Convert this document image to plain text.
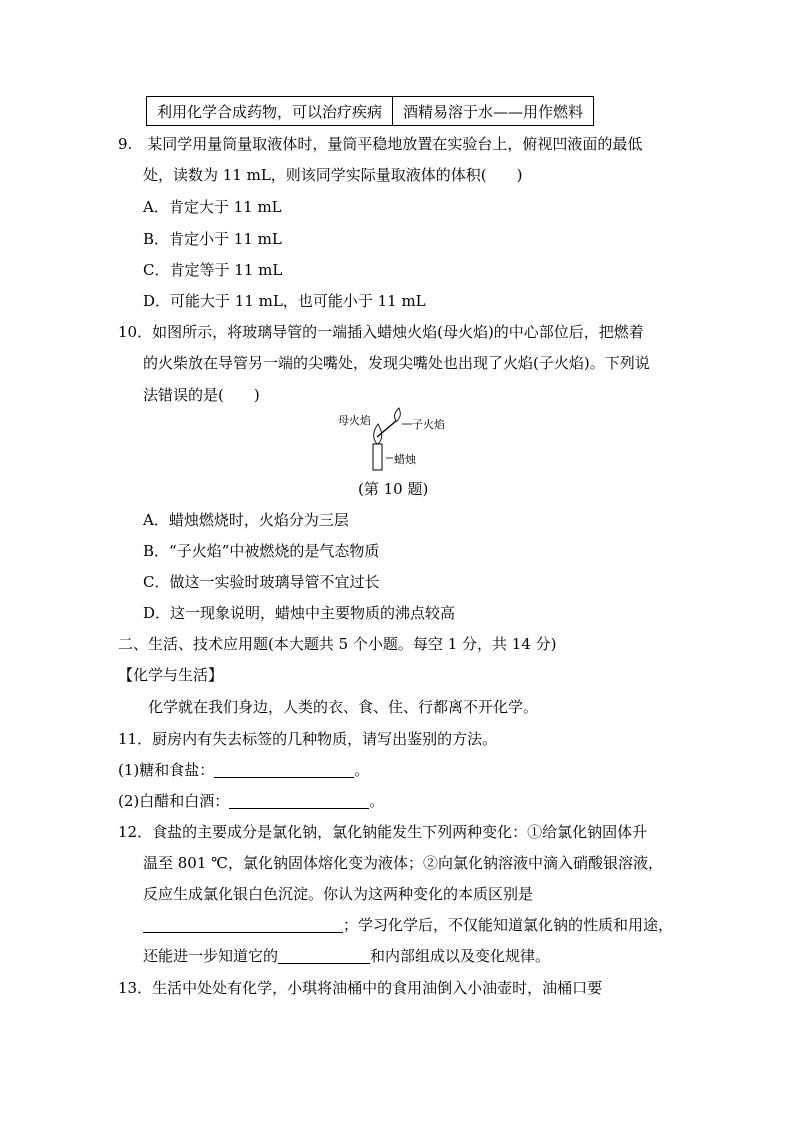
利用化学合成药物，可以治疗疾病	酒精易溶于水——用作燃料
9.　某同学用量筒量取液体时，量筒平稳地放置在实验台上，俯视凹液面的最低
处，读数为 11 mL，则该同学实际量取液体的体积(　　)
A．肯定大于 11 mL
B．肯定小于 11 mL
C．肯定等于 11 mL
D．可能大于 11 mL，也可能小于 11 mL
10．如图所示，将玻璃导管的一端插入蜡烛火焰(母火焰)的中心部位后，把燃着
的火柴放在导管另一端的尖嘴处，发现尖嘴处也出现了火焰(子火焰)。下列说
法错误的是(　　)
母火焰	子火焰
蜡烛
(第 10 题)
A．蜡烛燃烧时，火焰分为三层
B．“子火焰”中被燃烧的是气态物质
C．做这一实验时玻璃导管不宜过长
D．这一现象说明，蜡烛中主要物质的沸点较高
二、生活、技术应用题(本大题共 5 个小题。每空 1 分，共 14 分)
【化学与生活】
化学就在我们身边，人类的衣、食、住、行都离不开化学。
11．厨房内有失去标签的几种物质，请写出鉴别的方法。
(1)糖和食盐：	。
(2)白醋和白酒：	。
12．食盐的主要成分是氯化钠，氯化钠能发生下列两种变化：①给氯化钠固体升
温至 801 ℃，氯化钠固体熔化变为液体；②向氯化钠溶液中滴入硝酸银溶液，
反应生成氯化银白色沉淀。你认为这两种变化的本质区别是
；学习化学后，不仅能知道氯化钠的性质和用途，
还能进一步知道它的	和内部组成以及变化规律。
13．生活中处处有化学，小琪将油桶中的食用油倒入小油壶时，油桶口要
